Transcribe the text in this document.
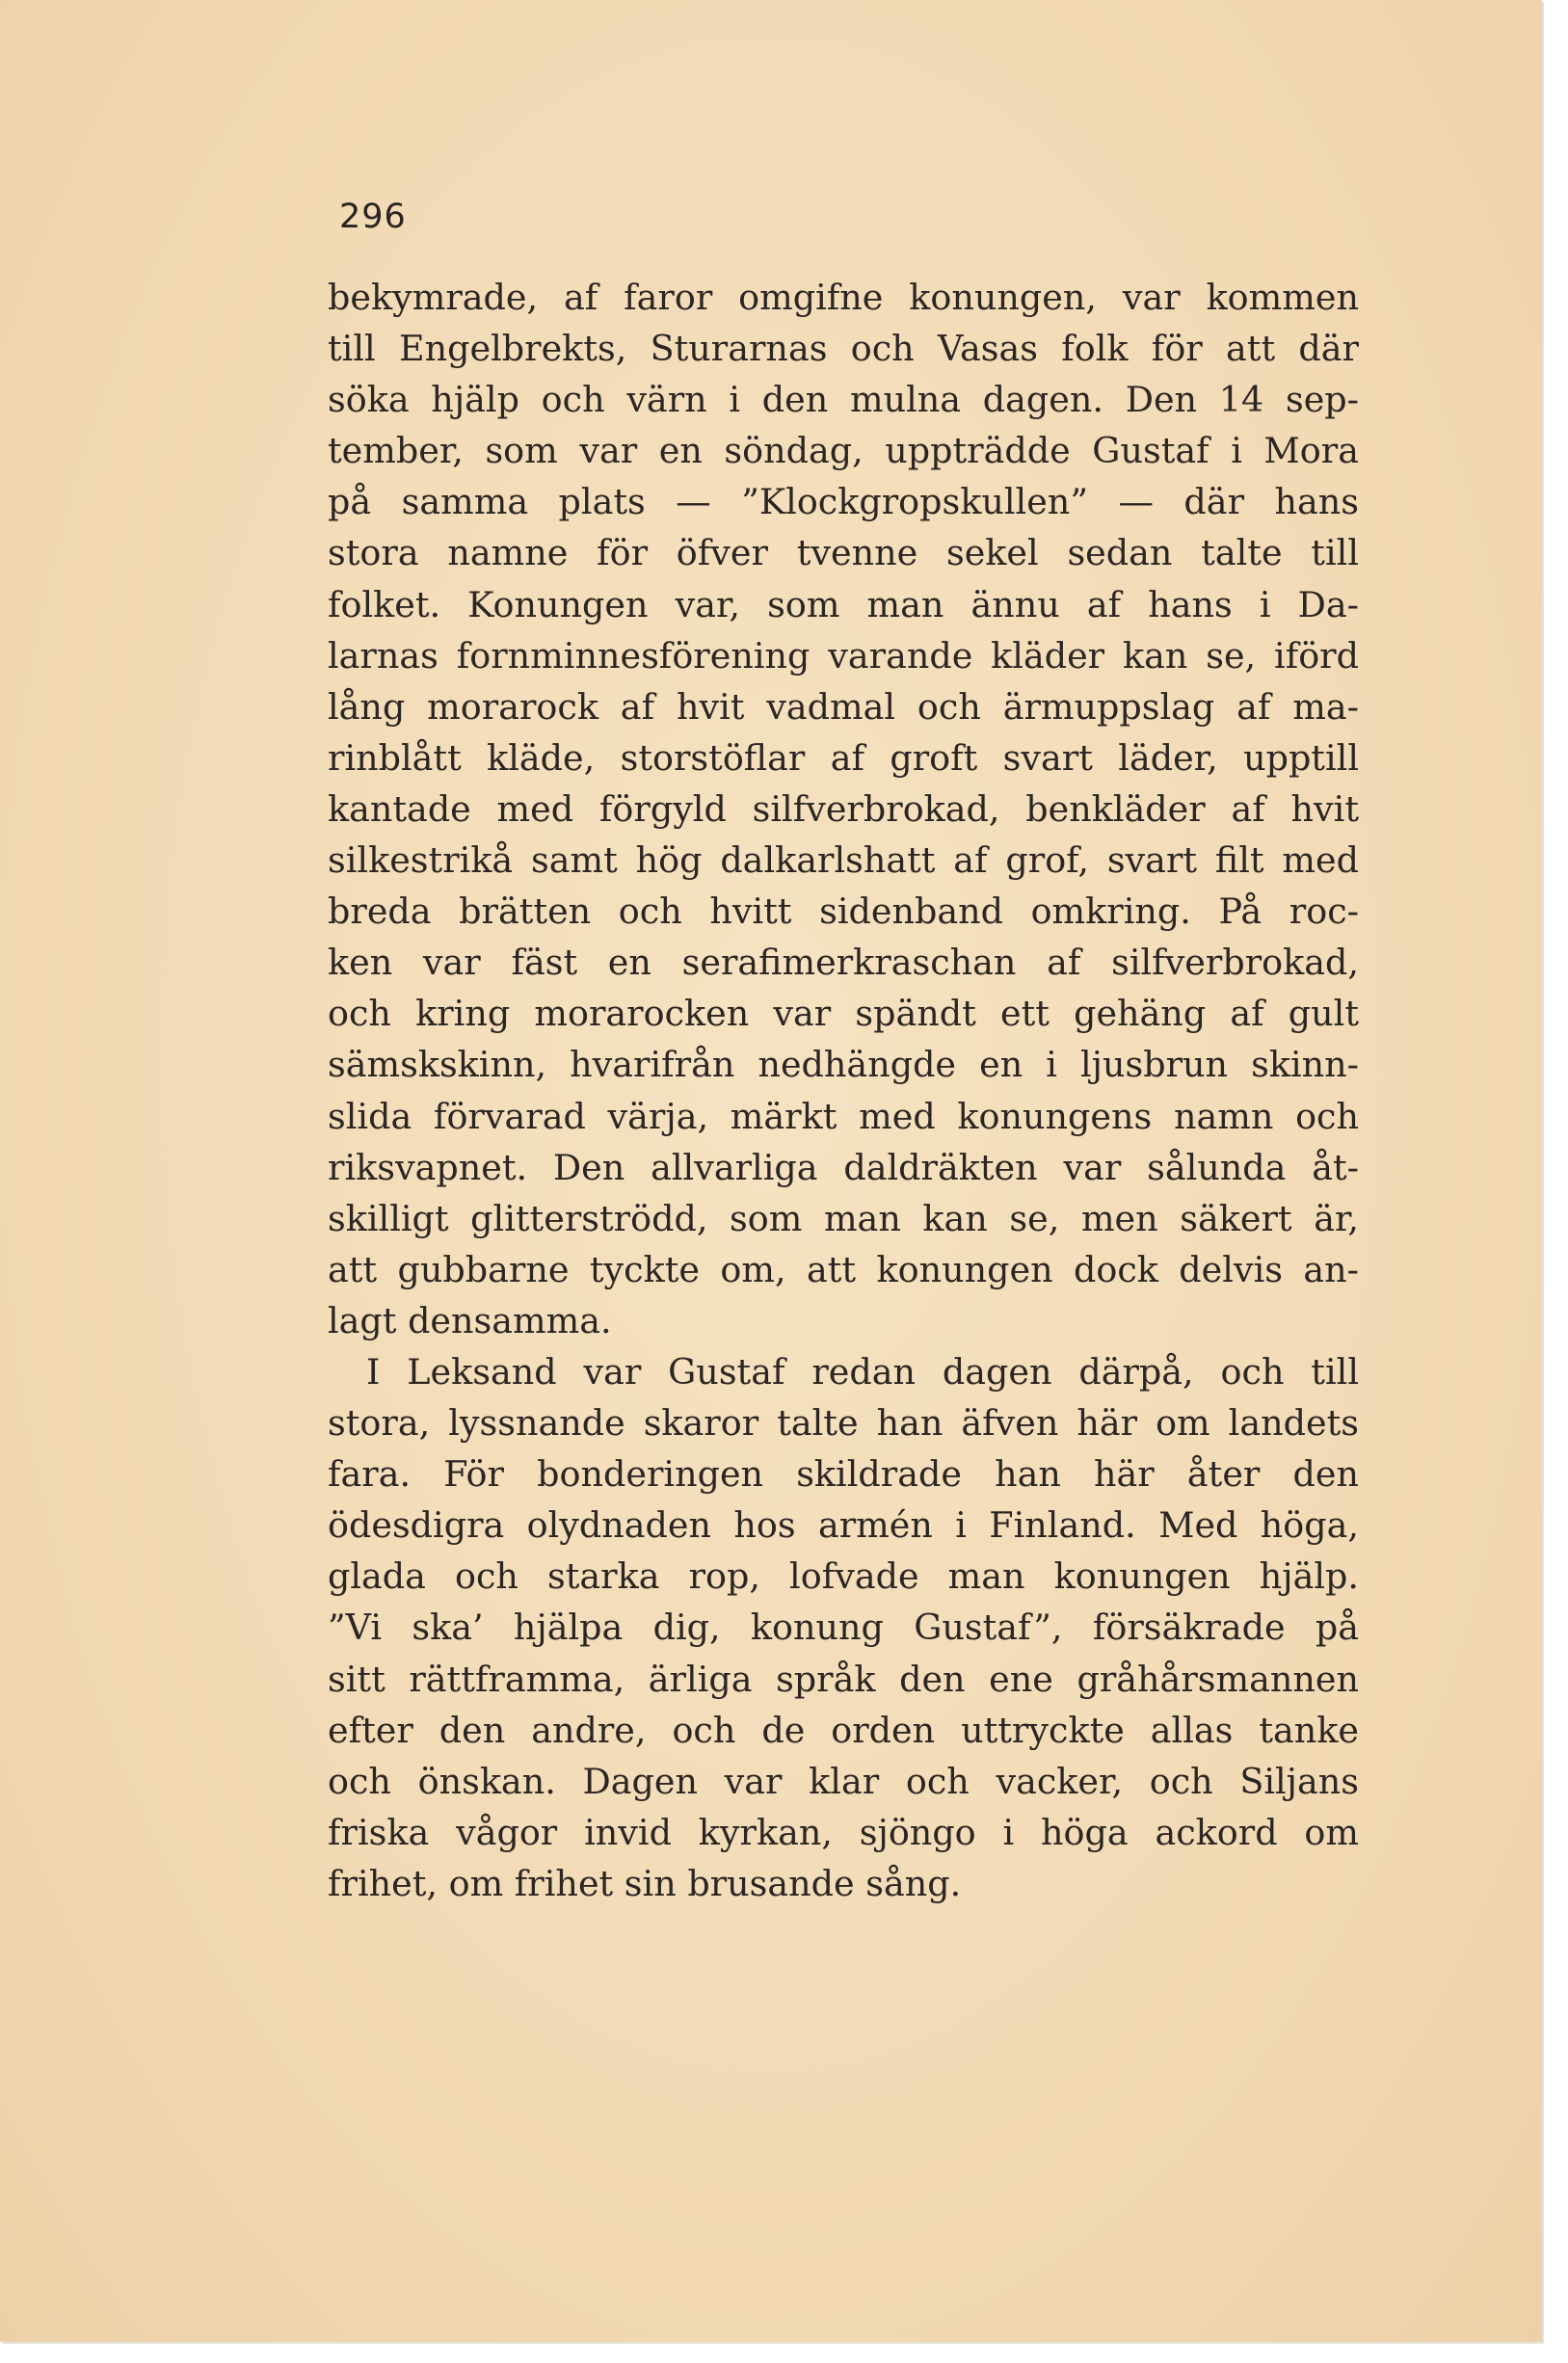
296
bekymrade, af faror omgifne konungen, var kommen
till Engelbrekts, Sturarnas och Vasas folk för att där
söka hjälp och värn i den mulna dagen. Den 14 sep-
tember, som var en söndag, uppträdde Gustaf i Mora
på samma plats — ”Klockgropskullen” — där hans
stora namne för öfver tvenne sekel sedan talte till
folket. Konungen var, som man ännu af hans i Da-
larnas fornminnesförening varande kläder kan se, iförd
lång morarock af hvit vadmal och ärmuppslag af ma-
rinblått kläde, storstöflar af groft svart läder, upptill
kantade med förgyld silfverbrokad, benkläder af hvit
silkestrikå samt hög dalkarlshatt af grof, svart filt med
breda brätten och hvitt sidenband omkring. På roc-
ken var fäst en serafimerkraschan af silfverbrokad,
och kring morarocken var spändt ett gehäng af gult
sämskskinn, hvarifrån nedhängde en i ljusbrun skinn-
slida förvarad värja, märkt med konungens namn och
riksvapnet. Den allvarliga daldräkten var sålunda åt-
skilligt glitterströdd, som man kan se, men säkert är,
att gubbarne tyckte om, att konungen dock delvis an-
lagt densamma.
I Leksand var Gustaf redan dagen därpå, och till
stora, lyssnande skaror talte han äfven här om landets
fara. För bonderingen skildrade han här åter den
ödesdigra olydnaden hos armén i Finland. Med höga,
glada och starka rop, lofvade man konungen hjälp.
”Vi ska’ hjälpa dig, konung Gustaf”, försäkrade på
sitt rättframma, ärliga språk den ene gråhårsmannen
efter den andre, och de orden uttryckte allas tanke
och önskan. Dagen var klar och vacker, och Siljans
friska vågor invid kyrkan, sjöngo i höga ackord om
frihet, om frihet sin brusande sång.
